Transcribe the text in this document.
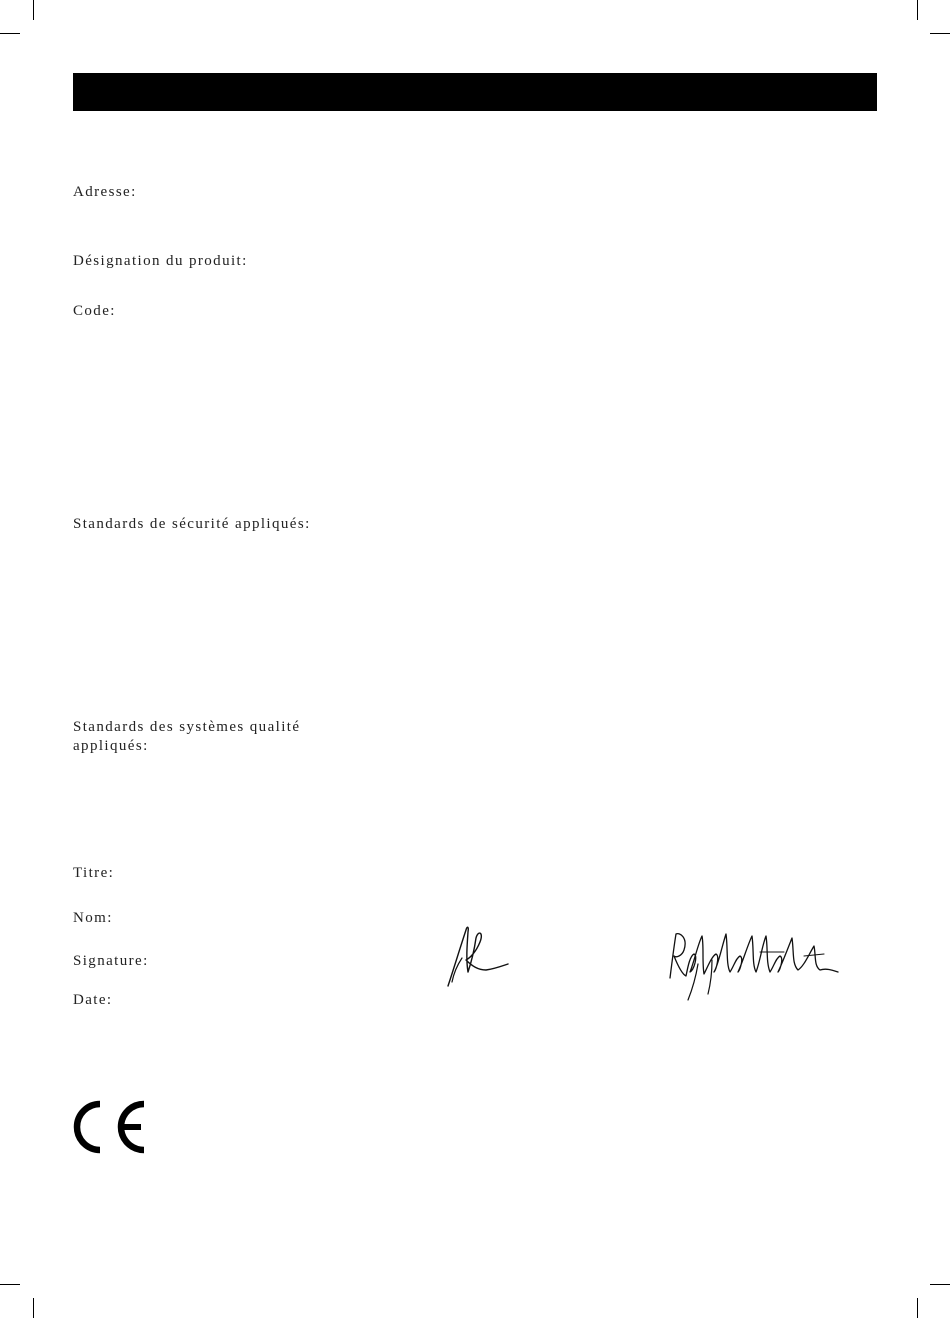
Adresse:
Désignation du produit:
Code:
Standards de sécurité appliqués:
Standards des systèmes qualité appliqués:
Titre:
Nom:
Signature:
Date:
